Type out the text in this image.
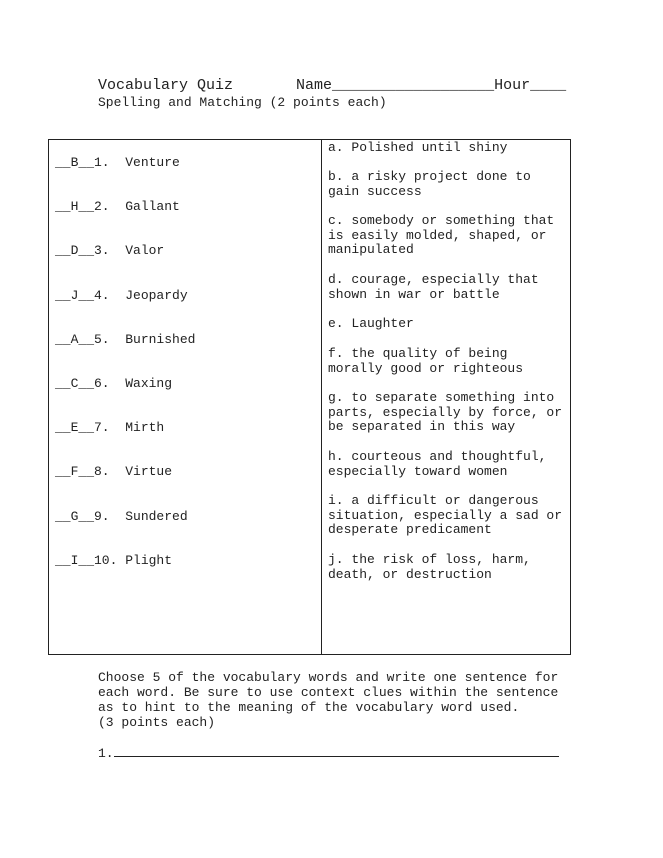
Vocabulary Quiz	Name__________________Hour____
Spelling and Matching (2 points each)
__B__1.  Venture
__H__2.  Gallant
__D__3.  Valor
__J__4.  Jeopardy
__A__5.  Burnished
__C__6.  Waxing
__E__7.  Mirth
__F__8.  Virtue
__G__9.  Sundered
__I__10. Plight
a. Polished until shiny
b. a risky project done to gain success
c. somebody or something that is easily molded, shaped, or manipulated
d. courage, especially that shown in war or battle
e. Laughter
f. the quality of being morally good or righteous
g. to separate something into parts, especially by force, or be separated in this way
h. courteous and thoughtful, especially toward women
i. a difficult or dangerous situation, especially a sad or desperate predicament
j. the risk of loss, harm, death, or destruction
Choose 5 of the vocabulary words and write one sentence for each word. Be sure to use context clues within the sentence as to hint to the meaning of the vocabulary word used.
(3 points each)
1.
